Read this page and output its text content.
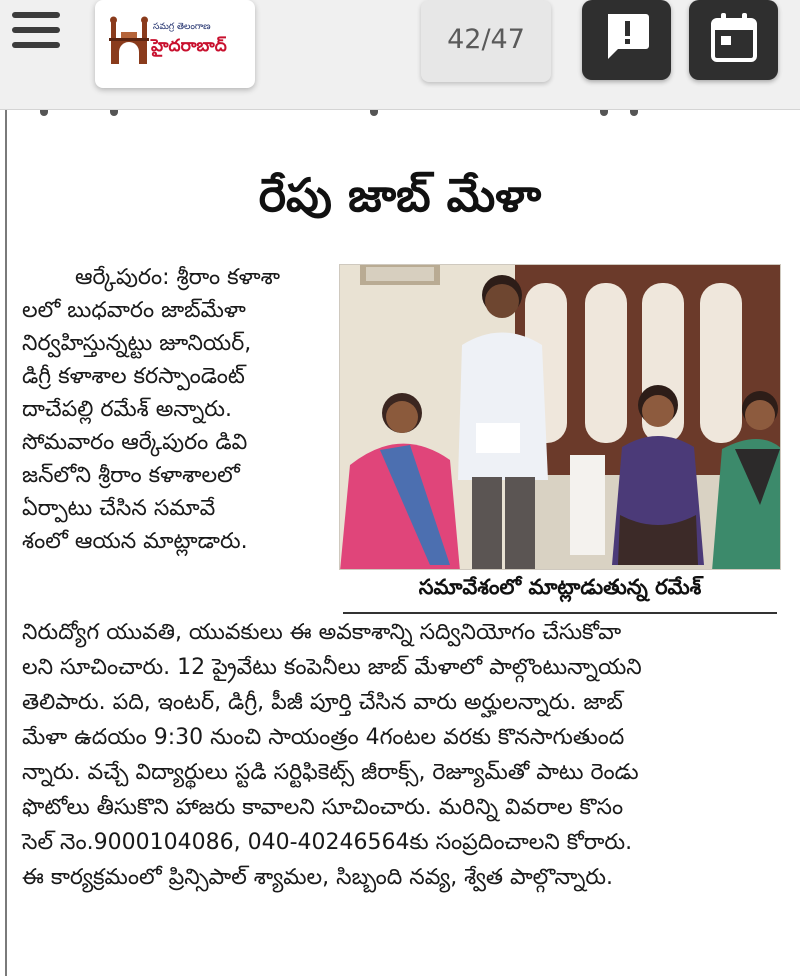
సమగ్ర తెలంగాణ
హైదరాబాద్	42/47
రేపు జాబ్ మేళా
ఆర్కేపురం: శ్రీరాం కళాశా
లలో బుధవారం జాబ్‌మేళా
నిర్వహిస్తున్నట్టు జూనియర్,
డిగ్రీ కళాశాల కరస్పాండెంట్
దాచేపల్లి రమేశ్ అన్నారు.
సోమవారం ఆర్కేపురం డివి
జన్‌లోని శ్రీరాం కళాశాలలో
ఏర్పాటు చేసిన సమావే
శంలో ఆయన మాట్లాడారు.
సమావేశంలో మాట్లాడుతున్న రమేశ్
నిరుద్యోగ యువతి, యువకులు ఈ అవకాశాన్ని సద్వినియోగం చేసుకోవా
లని సూచించారు. 12 ప్రైవేటు కంపెనీలు జాబ్ మేళాలో పాల్గొంటున్నాయని
తెలిపారు. పది, ఇంటర్, డిగ్రీ, పీజీ పూర్తి చేసిన వారు అర్హులన్నారు. జాబ్
మేళా ఉదయం 9:30 నుంచి సాయంత్రం 4గంటల వరకు కొనసాగుతుంద
న్నారు. వచ్చే విద్యార్థులు స్టడి సర్టిఫికెట్స్ జీరాక్స్, రెజ్యూమ్‌తో పాటు రెండు
ఫొటోలు తీసుకొని హాజరు కావాలని సూచించారు. మరిన్ని వివరాల కొసం
సెల్ నెం.9000104086, 040-40246564కు సంప్రదించాలని కోరారు.
ఈ కార్యక్రమంలో ప్రిన్సిపాల్ శ్యామల, సిబ్బంది నవ్య, శ్వేత పాల్గొన్నారు.
